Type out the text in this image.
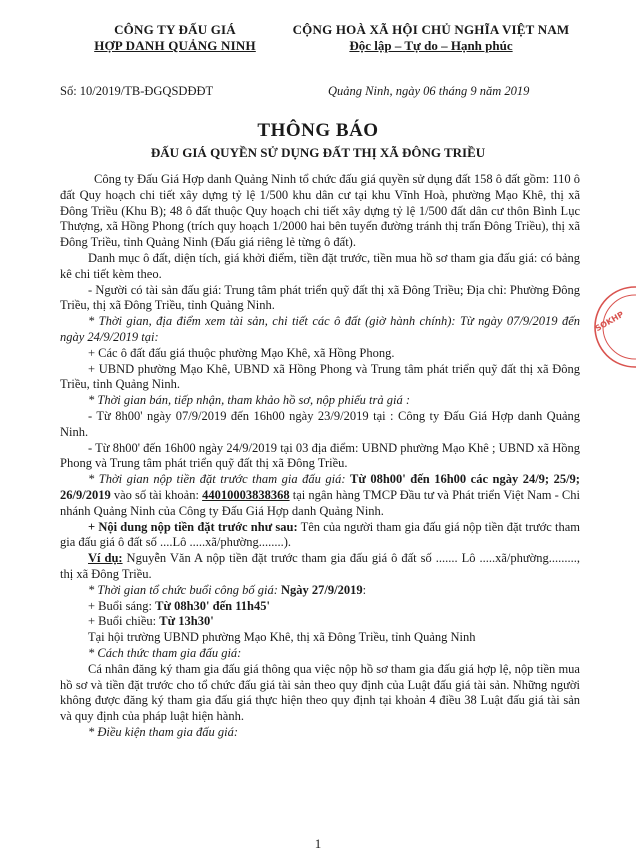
CÔNG TY ĐẤU GIÁ
HỢP DANH QUẢNG NINH
CỘNG HOÀ XÃ HỘI CHỦ NGHĨA VIỆT NAM
Độc lập – Tự do – Hạnh phúc
Số: 10/2019/TB-ĐGQSDĐĐT	Quảng Ninh, ngày 06 tháng 9 năm 2019
THÔNG BÁO
ĐẤU GIÁ QUYỀN SỬ DỤNG ĐẤT THỊ XÃ ĐÔNG TRIỀU

Công ty Đấu Giá Hợp danh Quảng Ninh tổ chức đấu giá quyền sử dụng đất 158 ô đất gồm: 110 ô đất Quy hoạch chi tiết xây dựng tỷ lệ 1/500 khu dân cư tại khu Vĩnh Hoà, phường Mạo Khê, thị xã Đông Triều (Khu B); 48 ô đất thuộc Quy hoạch chi tiết xây dựng tỷ lệ 1/500 đất dân cư thôn Bình Lục Thượng, xã Hồng Phong (trích quy hoạch 1/2000 hai bên tuyến đường tránh thị trấn Đông Triều), thị xã Đông Triều, tỉnh Quảng Ninh (Đấu giá riêng lẻ từng ô đất).

Danh mục ô đất, diện tích, giá khởi điểm, tiền đặt trước, tiền mua hồ sơ tham gia đấu giá: có bảng kê chi tiết kèm theo.

- Người có tài sản đấu giá: Trung tâm phát triển quỹ đất thị xã Đông Triều; Địa chỉ: Phường Đông Triều, thị xã Đông Triều, tỉnh Quảng Ninh.

* Thời gian, địa điểm xem tài sản, chi tiết các ô đất (giờ hành chính): Từ ngày 07/9/2019 đến ngày 24/9/2019 tại:

+ Các ô đất đấu giá thuộc phường Mạo Khê, xã Hồng Phong.

+ UBND phường Mạo Khê, UBND xã Hồng Phong và Trung tâm phát triển quỹ đất thị xã Đông Triều, tỉnh Quảng Ninh.

* Thời gian bán, tiếp nhận, tham khảo hồ sơ, nộp phiếu trả giá :

- Từ 8h00' ngày 07/9/2019 đến 16h00 ngày 23/9/2019 tại : Công ty Đấu Giá Hợp danh Quảng Ninh.

- Từ 8h00' đến 16h00 ngày 24/9/2019 tại 03 địa điểm: UBND phường Mạo Khê ; UBND xã Hồng Phong và Trung tâm phát triển quỹ đất thị xã Đông Triều.

* Thời gian nộp tiền đặt trước tham gia đấu giá: Từ 08h00' đến 16h00 các ngày 24/9; 25/9; 26/9/2019 vào số tài khoản: 44010003838368 tại ngân hàng TMCP Đầu tư và Phát triển Việt Nam - Chi nhánh Quảng Ninh của Công ty Đấu Giá Hợp danh Quảng Ninh.

+ Nội dung nộp tiền đặt trước như sau: Tên của người tham gia đấu giá nộp tiền đặt trước tham gia đấu giá ô đất số ....Lô .....xã/phường........).

Ví dụ: Nguyễn Văn A nộp tiền đặt trước tham gia đấu giá ô đất số ....... Lô .....xã/phường........., thị xã Đông Triều.

* Thời gian tổ chức buổi công bố giá: Ngày 27/9/2019:

+ Buổi sáng: Từ 08h30' đến 11h45'

+ Buổi chiều: Từ 13h30'

Tại hội trường UBND phường Mạo Khê, thị xã Đông Triều, tỉnh Quảng Ninh

* Cách thức tham gia đấu giá:

Cá nhân đăng ký tham gia đấu giá thông qua việc nộp hồ sơ tham gia đấu giá hợp lệ, nộp tiền mua hồ sơ và tiền đặt trước cho tổ chức đấu giá tài sản theo quy định của Luật đấu giá tài sản. Những người không được đăng ký tham gia đấu giá thực hiện theo quy định tại khoản 4 điều 38 Luật đấu giá tài sản và quy định của pháp luật hiện hành.

* Điều kiện tham gia đấu giá:

SOKHP
1
